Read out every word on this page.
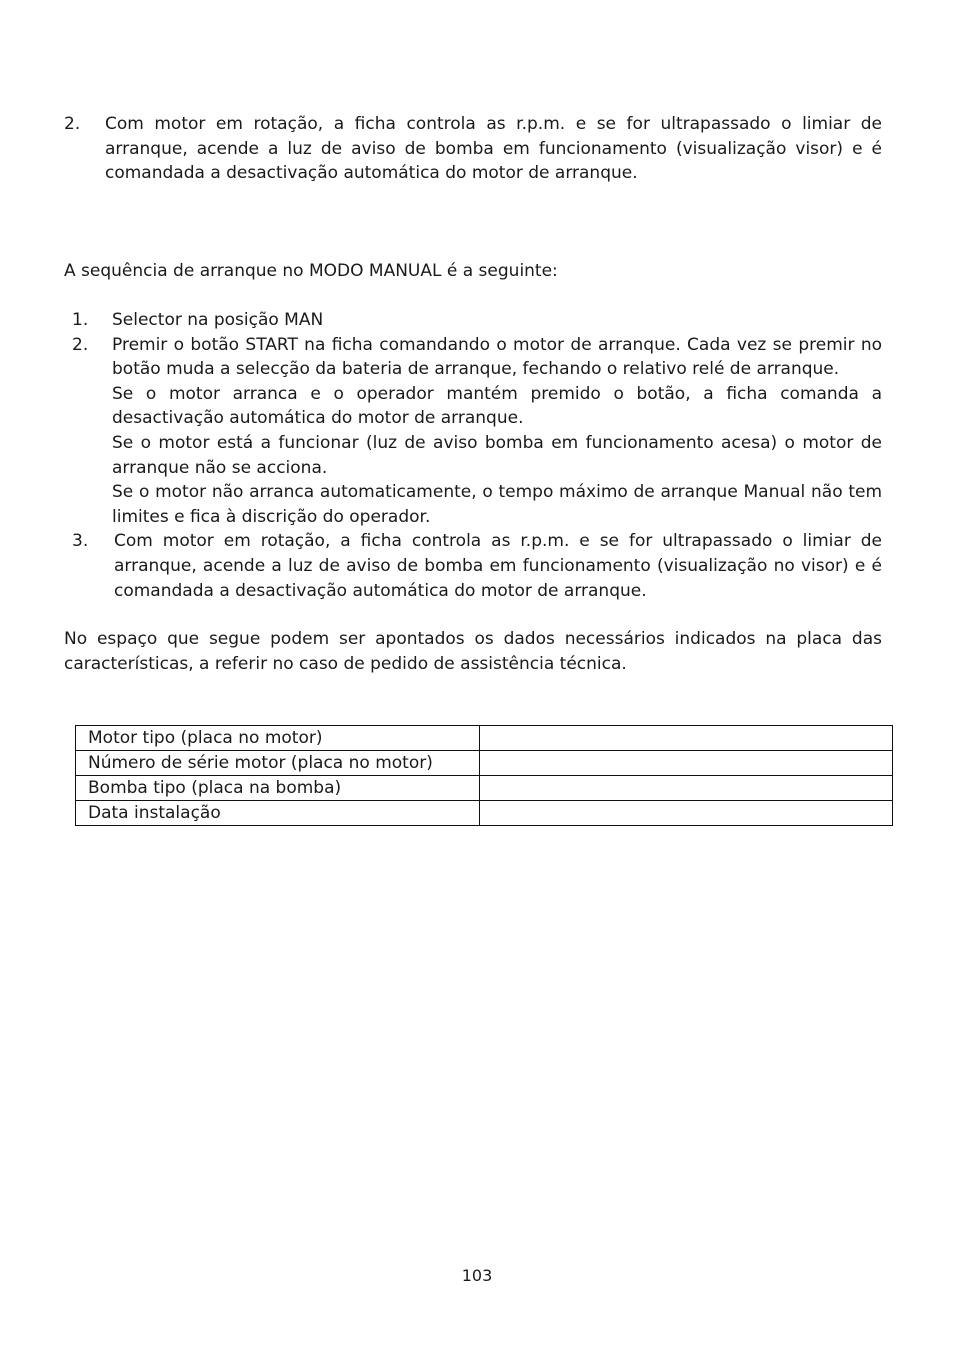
2. Com motor em rotação, a ficha controla as r.p.m. e se for ultrapassado o limiar de arranque, acende a luz de aviso de bomba em funcionamento (visualização visor) e é comandada a desactivação automática do motor de arranque.

A sequência de arranque no MODO MANUAL é a seguinte:
1. Selector na posição MAN

2. Premir o botão START na ficha comandando o motor de arranque. Cada vez se premir no botão muda a selecção da bateria de arranque, fechando o relativo relé de arranque.

Se o motor arranca e o operador mantém premido o botão, a ficha comanda a desactivação automática do motor de arranque.

Se o motor está a funcionar (luz de aviso bomba em funcionamento acesa) o motor de arranque não se acciona.

Se o motor não arranca automaticamente, o tempo máximo de arranque Manual não tem limites e fica à discrição do operador.

3. Com motor em rotação, a ficha controla as r.p.m. e se for ultrapassado o limiar de arranque, acende a luz de aviso de bomba em funcionamento (visualização no visor) e é comandada a desactivação automática do motor de arranque.

No espaço que segue podem ser apontados os dados necessários indicados na placa das características, a referir no caso de pedido de assistência técnica.
Motor tipo (placa no motor)	
Número de série motor (placa no motor)	
Bomba tipo (placa na bomba)	
Data instalação	
103
